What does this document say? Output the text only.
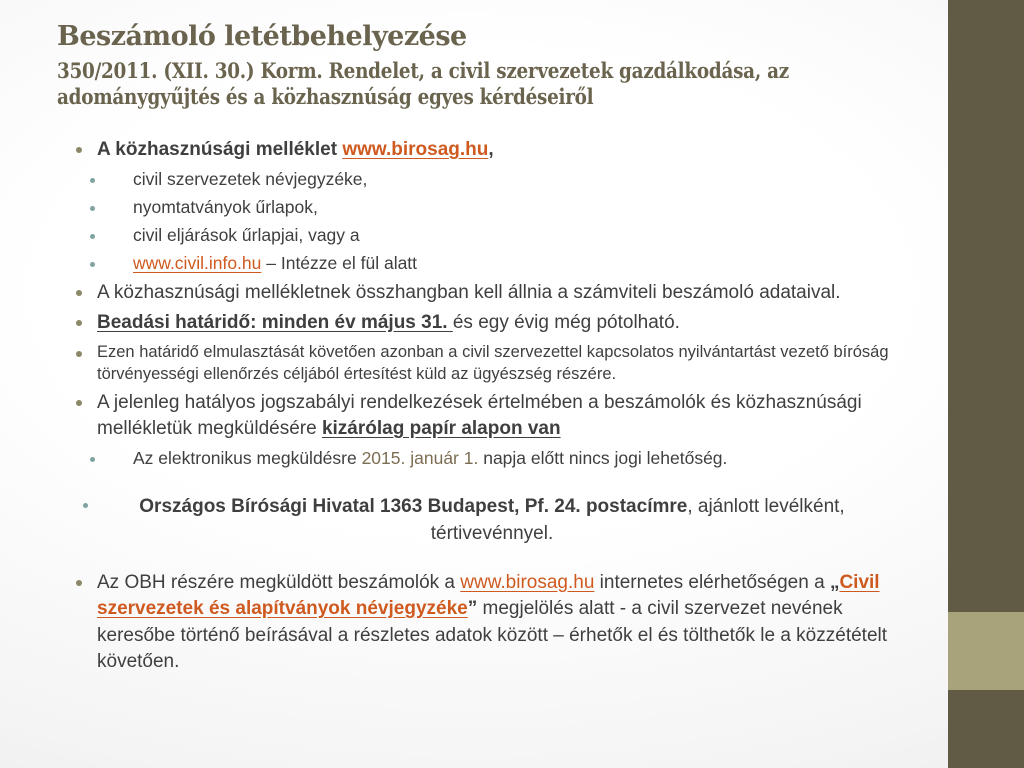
Beszámoló letétbehelyezése
350/2011. (XII. 30.) Korm. Rendelet, a civil szervezetek gazdálkodása, az adománygyűjtés és a közhasznúság egyes kérdéseiről
A közhasznúsági melléklet www.birosag.hu,
civil szervezetek névjegyzéke,
nyomtatványok űrlapok,
civil eljárások űrlapjai, vagy a
www.civil.info.hu – Intézze el fül alatt
A közhasznúsági mellékletnek összhangban kell állnia a számviteli beszámoló adataival.
Beadási határidő: minden év május 31. és egy évig még pótolható.
Ezen határidő elmulasztását követően azonban a civil szervezettel kapcsolatos nyilvántartást vezető bíróság törvényességi ellenőrzés céljából értesítést küld az ügyészség részére.
A jelenleg hatályos jogszabályi rendelkezések értelmében a beszámolók és közhasznúsági mellékletük megküldésére kizárólag papír alapon van
Az elektronikus megküldésre 2015. január 1. napja előtt nincs jogi lehetőség.
Országos Bírósági Hivatal 1363 Budapest, Pf. 24. postacímre, ajánlott levélként, tértivevénnyel.
Az OBH részére megküldött beszámolók a www.birosag.hu internetes elérhetőségen a „Civil szervezetek és alapítványok névjegyzéke” megjelölés alatt - a civil szervezet nevének keresőbe történő beírásával a részletes adatok között – érhetők el és tölthetők le a közzétételt követően.
